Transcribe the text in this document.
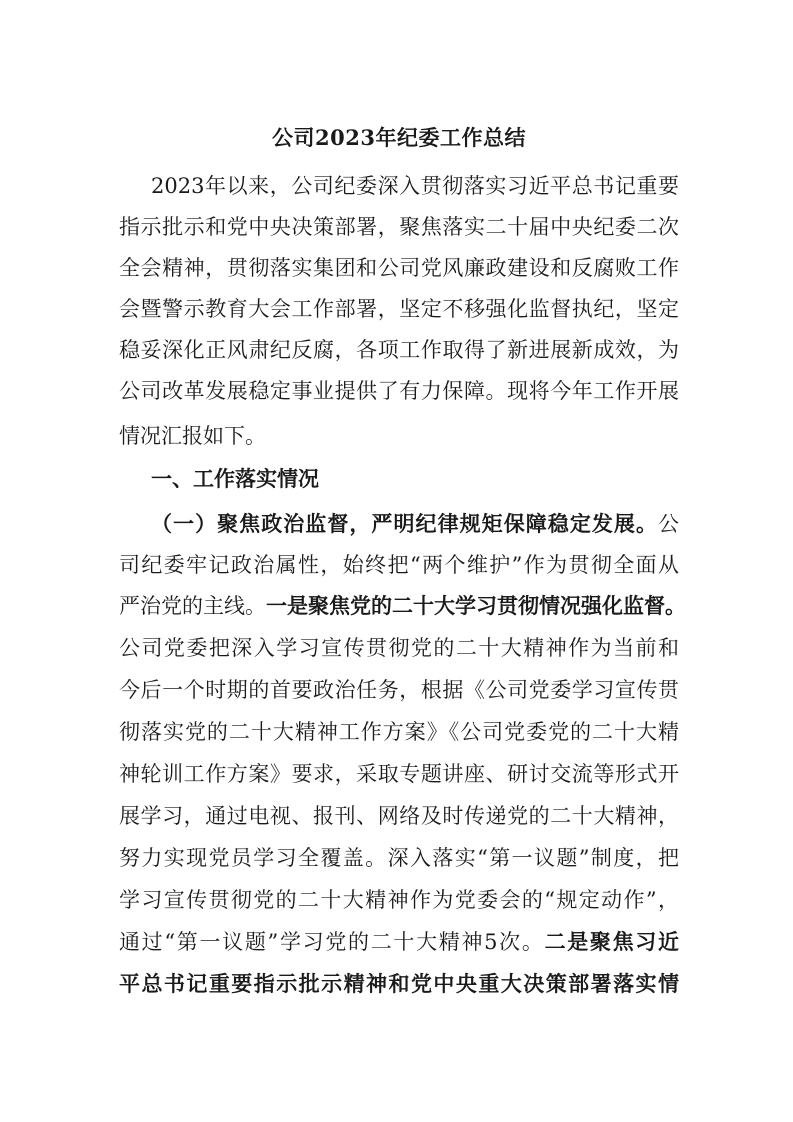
公司2023年纪委工作总结
2023年以来，公司纪委深入贯彻落实习近平总书记重要
指示批示和党中央决策部署，聚焦落实二十届中央纪委二次
全会精神，贯彻落实集团和公司党风廉政建设和反腐败工作
会暨警示教育大会工作部署，坚定不移强化监督执纪，坚定
稳妥深化正风肃纪反腐，各项工作取得了新进展新成效，为
公司改革发展稳定事业提供了有力保障。现将今年工作开展
情况汇报如下。
一、工作落实情况
（一）聚焦政治监督，严明纪律规矩保障稳定发展。公
司纪委牢记政治属性，始终把“两个维护”作为贯彻全面从
严治党的主线。一是聚焦党的二十大学习贯彻情况强化监督。
公司党委把深入学习宣传贯彻党的二十大精神作为当前和
今后一个时期的首要政治任务，根据《公司党委学习宣传贯
彻落实党的二十大精神工作方案》《公司党委党的二十大精
神轮训工作方案》要求，采取专题讲座、研讨交流等形式开
展学习，通过电视、报刊、网络及时传递党的二十大精神，
努力实现党员学习全覆盖。深入落实“第一议题”制度，把
学习宣传贯彻党的二十大精神作为党委会的“规定动作”，
通过“第一议题”学习党的二十大精神5次。二是聚焦习近
平总书记重要指示批示精神和党中央重大决策部署落实情
